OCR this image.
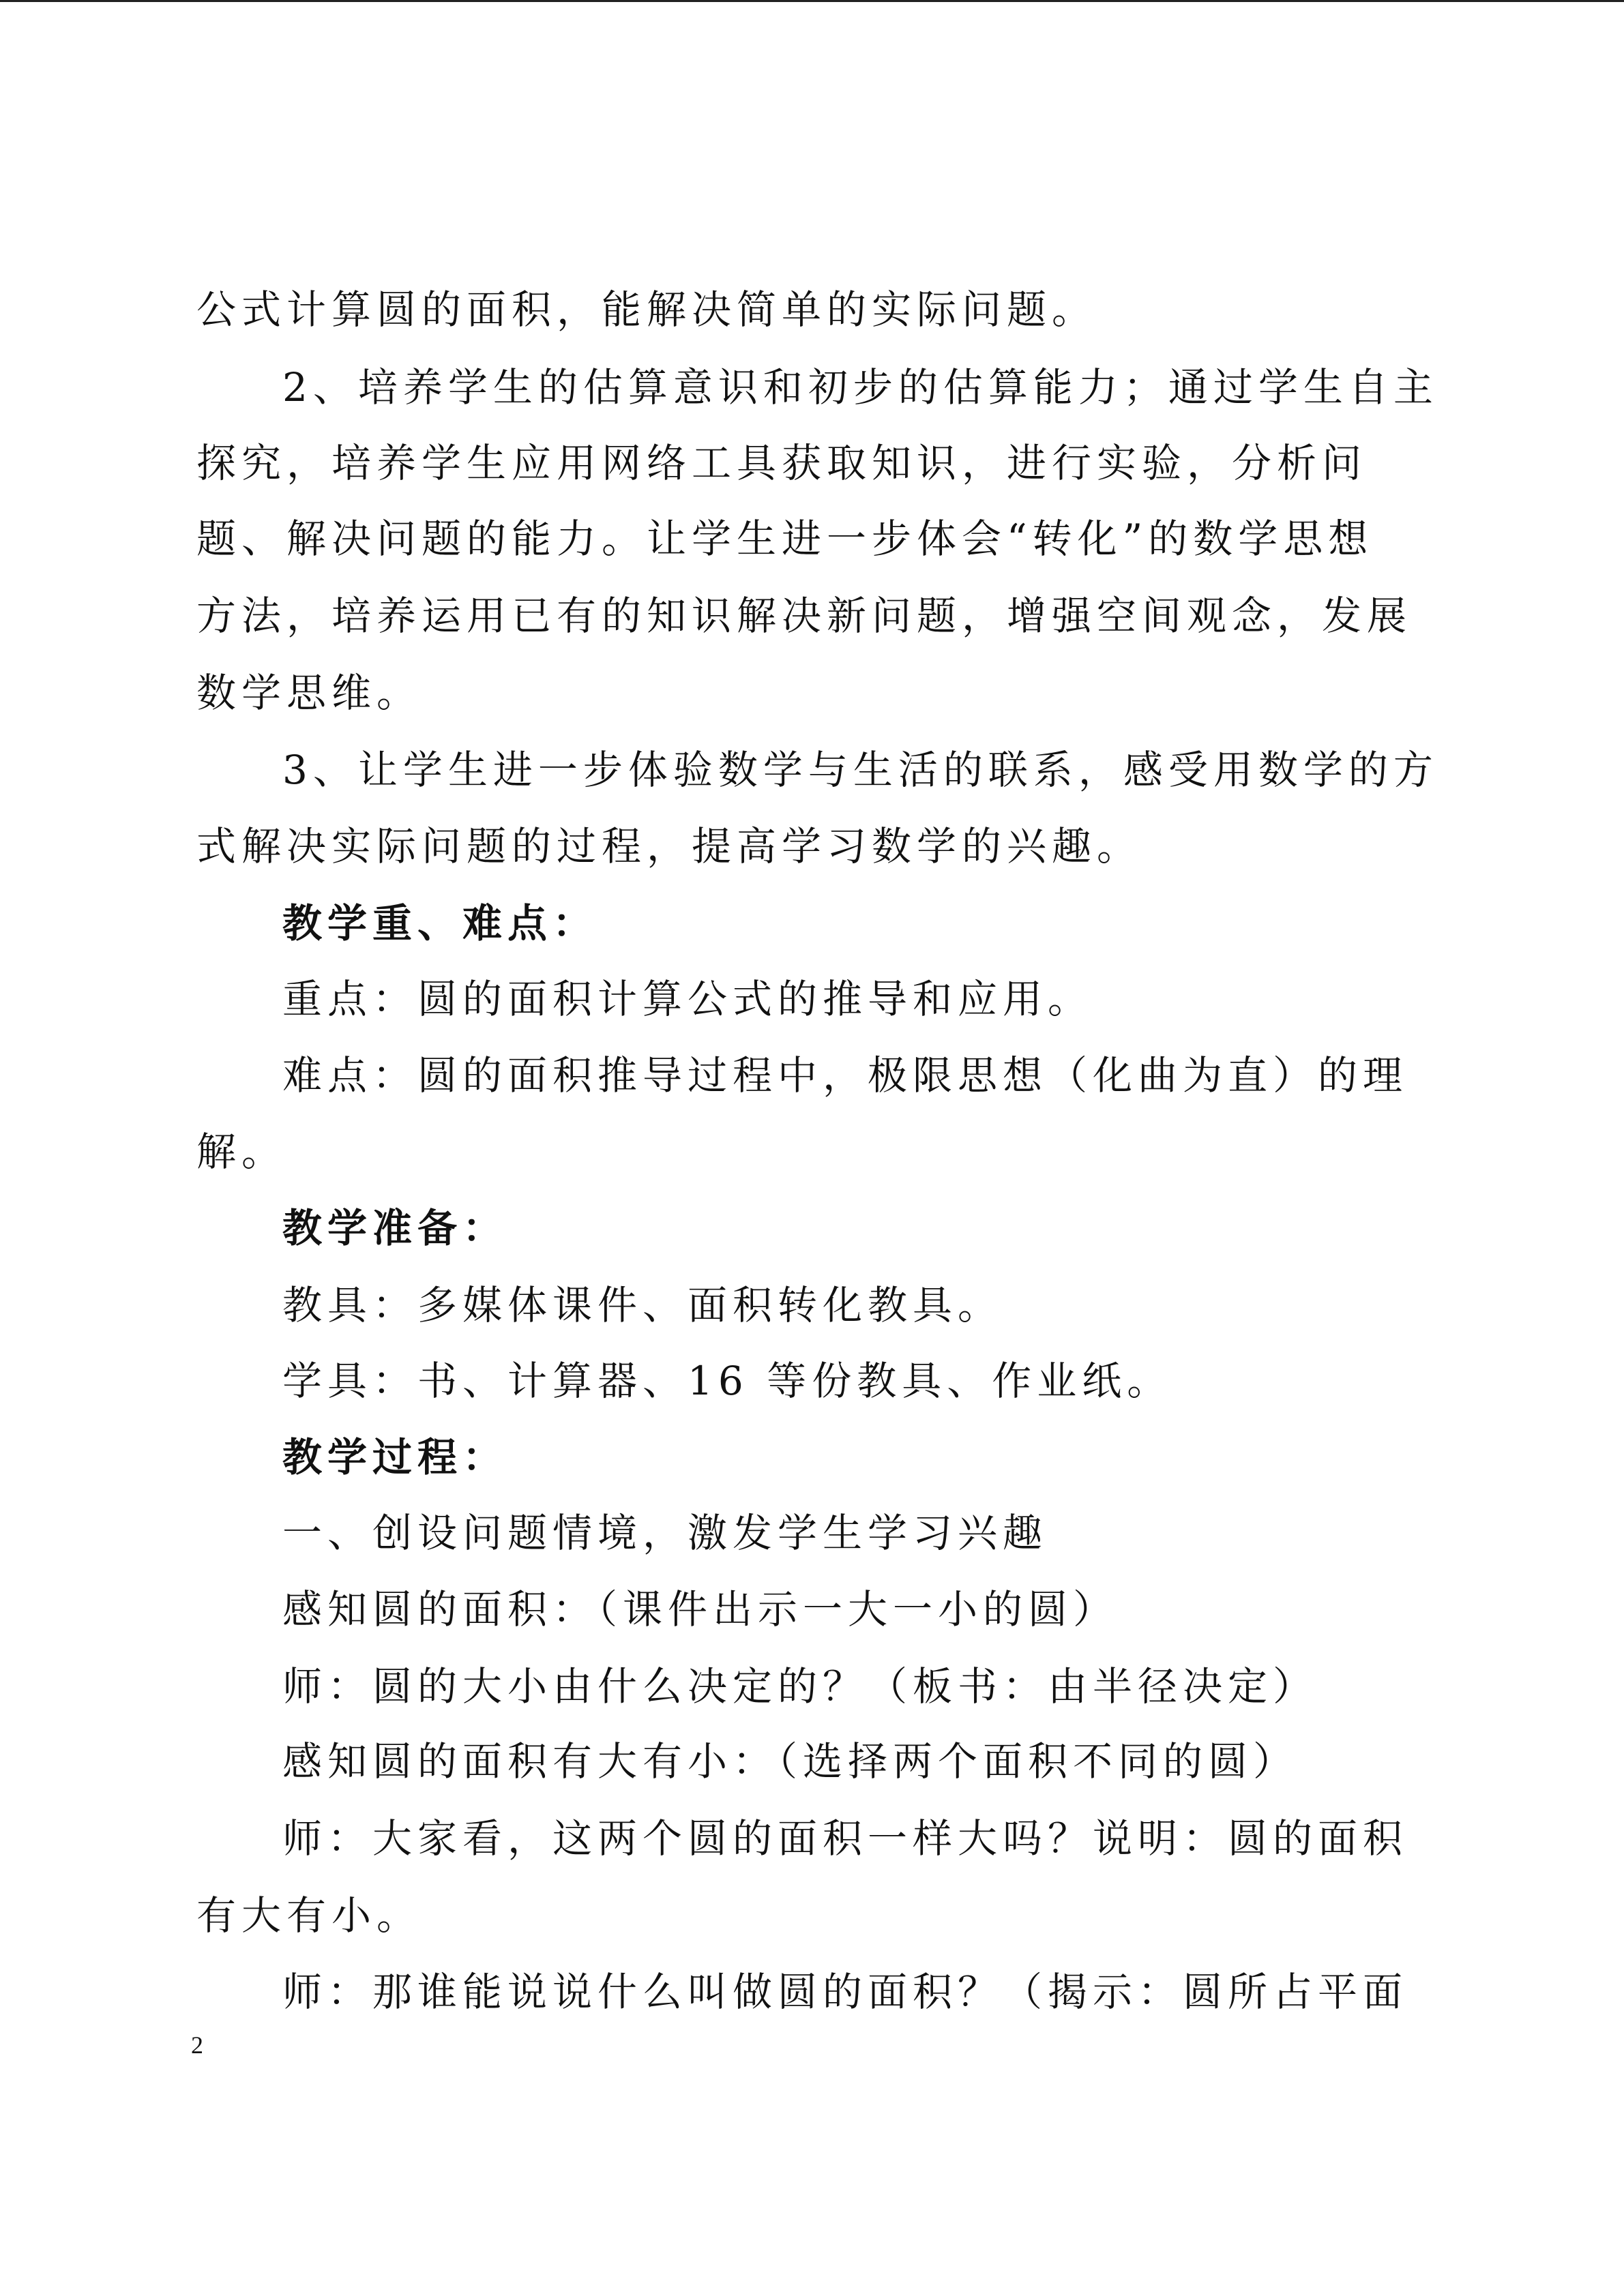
公式计算圆的面积，能解决简单的实际问题。
2、培养学生的估算意识和初步的估算能力；通过学生自主
探究，培养学生应用网络工具获取知识，进行实验，分析问
题、解决问题的能力。让学生进一步体会“转化”的数学思想
方法，培养运用已有的知识解决新问题，增强空间观念，发展
数学思维。
3、让学生进一步体验数学与生活的联系，感受用数学的方
式解决实际问题的过程，提高学习数学的兴趣。
教学重、难点：
重点：圆的面积计算公式的推导和应用。
难点：圆的面积推导过程中，极限思想（化曲为直）的理
解。
教学准备：
教具：多媒体课件、面积转化教具。
学具：书、计算器、16 等份教具、作业纸。
教学过程：
一、创设问题情境，激发学生学习兴趣
感知圆的面积：（课件出示一大一小的圆）
师：圆的大小由什么决定的？（板书：由半径决定）
感知圆的面积有大有小：（选择两个面积不同的圆）
师：大家看，这两个圆的面积一样大吗？说明：圆的面积
有大有小。
师：那谁能说说什么叫做圆的面积？（揭示：圆所占平面
2
